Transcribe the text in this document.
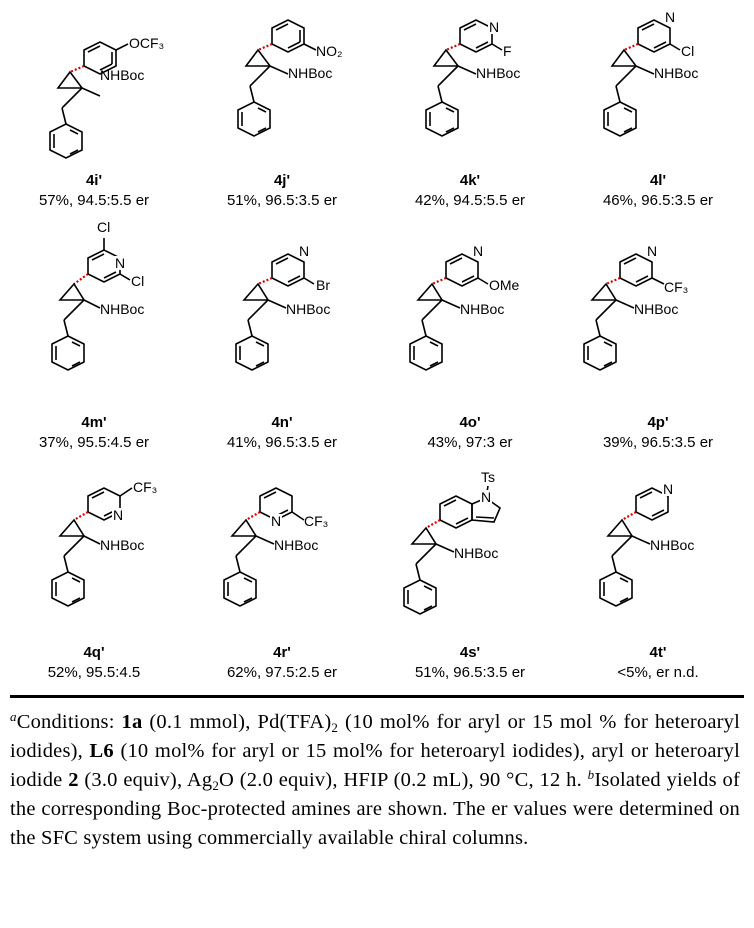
OCF₃
NHBoc
4i'
57%, 94.5:5.5 er
NO₂
NHBoc
4j'
51%, 96.5:3.5 er
N
F
NHBoc
4k'
42%, 94.5:5.5 er
N
Cl
NHBoc
4l'
46%, 96.5:3.5 er
N
Cl
Cl
NHBoc
4m'
37%, 95.5:4.5 er
N
Br
NHBoc
4n'
41%, 96.5:3.5 er
N
OMe
NHBoc
4o'
43%, 97:3 er
N
CF₃
NHBoc
4p'
39%, 96.5:3.5 er
N
CF₃
NHBoc
4q'
52%, 95.5:4.5
N CF₃
NHBoc
4r'
62%, 97.5:2.5 er
N
Ts
NHBoc
4s'
51%, 96.5:3.5 er
N
NHBoc
4t'
<5%, er n.d.
$^a$Conditions: 1a (0.1 mmol), $Pd(TFA)_2$ (10 mol% for aryl or 15 mol % for heteroaryl iodides), L6 (10 mol% for aryl or 15 mol% for heteroaryl iodides), aryl or heteroaryl iodide 2 (3.0 equiv), $Ag_2O$ (2.0 equiv), HFIP (0.2 mL), 90 °C, 12 h. $^b$Isolated yields of the corresponding Boc-protected amines are shown. The er values were determined on the SFC system using commercially available chiral columns.
